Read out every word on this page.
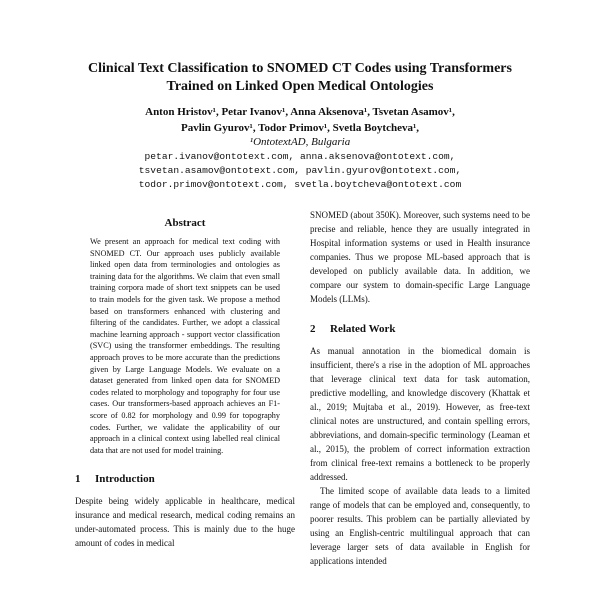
Clinical Text Classification to SNOMED CT Codes using Transformers
Trained on Linked Open Medical Ontologies
Anton Hristov¹, Petar Ivanov¹, Anna Aksenova¹, Tsvetan Asamov¹,
Pavlin Gyurov¹, Todor Primov¹, Svetla Boytcheva¹,
¹OntotextAD, Bulgaria
petar.ivanov@ontotext.com, anna.aksenova@ontotext.com,
tsvetan.asamov@ontotext.com, pavlin.gyurov@ontotext.com,
todor.primov@ontotext.com, svetla.boytcheva@ontotext.com
Abstract

We present an approach for medical text coding with SNOMED CT. Our approach uses publicly available linked open data from terminologies and ontologies as training data for the algorithms. We claim that even small training corpora made of short text snippets can be used to train models for the given task. We propose a method based on transformers enhanced with clustering and filtering of the candidates. Further, we adopt a classical machine learning approach - support vector classification (SVC) using the transformer embeddings. The resulting approach proves to be more accurate than the predictions given by Large Language Models. We evaluate on a dataset generated from linked open data for SNOMED codes related to morphology and topography for four use cases. Our transformers-based approach achieves an F1-score of 0.82 for morphology and 0.99 for topography codes. Further, we validate the applicability of our approach in a clinical context using labelled real clinical data that are not used for model training.

1 Introduction

Despite being widely applicable in healthcare, medical insurance and medical research, medical coding remains an under-automated process. This is mainly due to the huge amount of codes in medical

SNOMED (about 350K). Moreover, such systems need to be precise and reliable, hence they are usually integrated in Hospital information systems or used in Health insurance companies. Thus we propose ML-based approach that is developed on publicly available data. In addition, we compare our system to domain-specific Large Language Models (LLMs).

2 Related Work

As manual annotation in the biomedical domain is insufficient, there's a rise in the adoption of ML approaches that leverage clinical text data for task automation, predictive modelling, and knowledge discovery (Khattak et al., 2019; Mujtaba et al., 2019). However, as free-text clinical notes are unstructured, and contain spelling errors, abbreviations, and domain-specific terminology (Leaman et al., 2015), the problem of correct information extraction from clinical free-text remains a bottleneck to be properly addressed.

The limited scope of available data leads to a limited range of models that can be employed and, consequently, to poorer results. This problem can be partially alleviated by using an English-centric multilingual approach that can leverage larger sets of data available in English for applications intended
